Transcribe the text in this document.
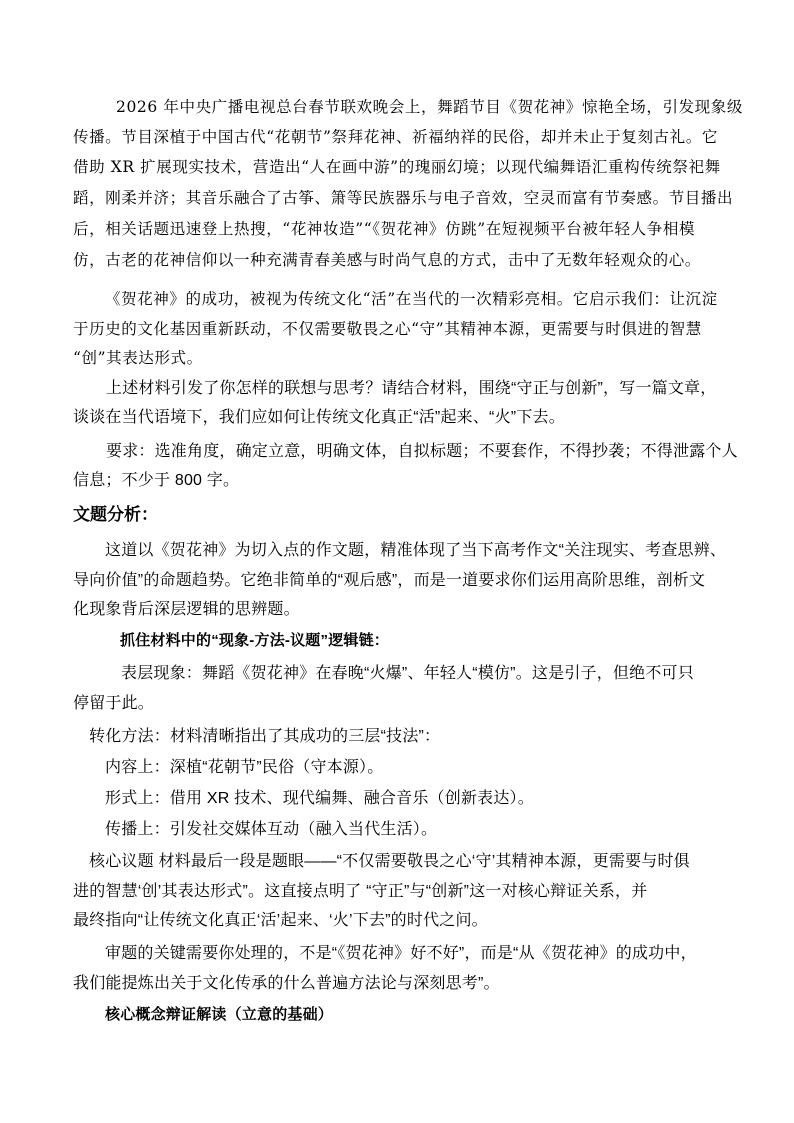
2026 年中央广播电视总台春节联欢晚会上，舞蹈节目《贺花神》惊艳全场，引发现象级
传播。节目深植于中国古代“花朝节”祭拜花神、祈福纳祥的民俗，却并未止于复刻古礼。它
借助 XR 扩展现实技术，营造出“人在画中游”的瑰丽幻境；以现代编舞语汇重构传统祭祀舞
蹈，刚柔并济；其音乐融合了古筝、箫等民族器乐与电子音效，空灵而富有节奏感。节目播出
后，相关话题迅速登上热搜，“花神妆造”“《贺花神》仿跳”在短视频平台被年轻人争相模
仿，古老的花神信仰以一种充满青春美感与时尚气息的方式，击中了无数年轻观众的心。
《贺花神》的成功，被视为传统文化“活”在当代的一次精彩亮相。它启示我们：让沉淀
于历史的文化基因重新跃动，不仅需要敬畏之心“守”其精神本源，更需要与时俱进的智慧
“创”其表达形式。
上述材料引发了你怎样的联想与思考？请结合材料，围绕“守正与创新”，写一篇文章，
谈谈在当代语境下，我们应如何让传统文化真正“活”起来、“火”下去。
要求：选准角度，确定立意，明确文体，自拟标题；不要套作，不得抄袭；不得泄露个人
信息；不少于 800 字。
文题分析：
这道以《贺花神》为切入点的作文题，精准体现了当下高考作文“关注现实、考查思辨、
导向价值”的命题趋势。它绝非简单的“观后感”，而是一道要求你们运用高阶思维，剖析文
化现象背后深层逻辑的思辨题。
抓住材料中的“现象-方法-议题”逻辑链：
表层现象：舞蹈《贺花神》在春晚“火爆”、年轻人“模仿”。这是引子，但绝不可只
停留于此。
转化方法：材料清晰指出了其成功的三层“技法”：
内容上：深植“花朝节”民俗（守本源）。
形式上：借用 XR 技术、现代编舞、融合音乐（创新表达）。
传播上：引发社交媒体互动（融入当代生活）。
核心议题 材料最后一段是题眼——“不仅需要敬畏之心‘守’其精神本源，更需要与时俱
进的智慧‘创’其表达形式”。这直接点明了 “守正”与“创新”这一对核心辩证关系，并
最终指向“让传统文化真正‘活’起来、‘火’下去”的时代之问。
审题的关键需要你处理的，不是“《贺花神》好不好”，而是“从《贺花神》的成功中，
我们能提炼出关于文化传承的什么普遍方法论与深刻思考”。
核心概念辩证解读（立意的基础）
